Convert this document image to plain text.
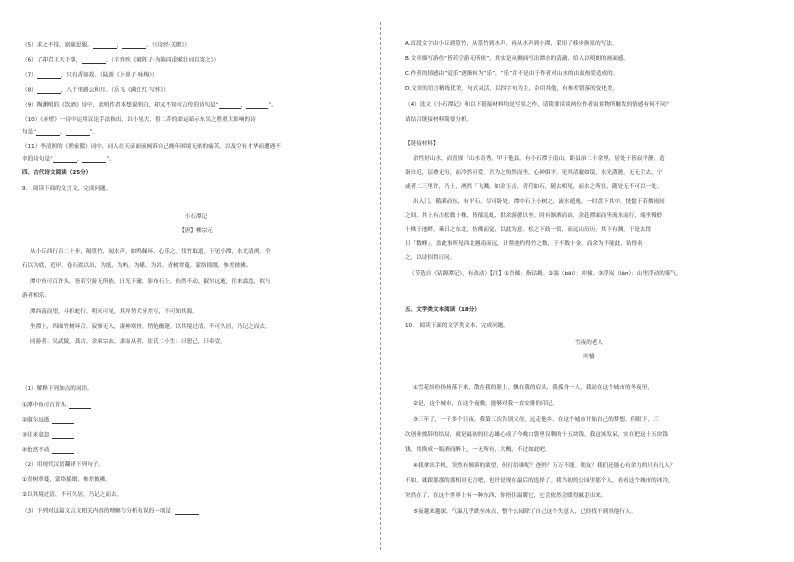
（5）求之不得，寤寐思服。	，	。（《诗经·关雎》）
（6）了却君王天下事，	。（辛弃疾《破阵子·为陈同甫赋壮词以寄之》）
（7）	，只有香如故。（陆游《卜算子·咏梅》）
（8）	，八千里路云和月。（岳飞《满江红·写怀》）
（9）陶渊明的《饮酒》诗中，表明作者本想说明白，却又不知可言传的诗句是“	，	”。
（10）《赤壁》一诗中运用议论手法指出，以小见大，借二乔的命运暗示东吴之胜重大影响的诗
句是“	，	”。
（11）李清照的《渔家傲》词中，词人在天帝面前倾诉自己晚年困境无依的痛苦，以及空有才华而遭遇不
幸的诗句是“	，	”。
四、古代诗文阅读（25分）
9.　阅读下面的文言文，完成问题。
小石潭记
【唐】柳宗元
从小丘西行百二十步，隔篁竹，闻水声，如鸣佩环，心乐之。伐竹取道，下见小潭，水尤清冽。全
石以为底，近岸，卷石底以出，为坻，为屿，为嵁，为岩。青树翠蔓，蒙络摇缀，参差披拂。
潭中鱼可百许头，皆若空游无所依，日光下澈，影布石上。佁然不动，俶尔远逝，往来翕忽，似与
游者相乐。
潭西南而望，斗折蛇行，明灭可见。其岸势犬牙差互，不可知其源。
坐潭上，四面竹树环合，寂寥无人，凄神寒骨，悄怆幽邃。以其境过清，不可久居，乃记之而去。
同游者：吴武陵，龚古，余弟宗玄。隶而从者，崔氏二小生：曰恕己，曰奉壹。
（1）解释下列加点的词语。
①潭中鱼可百许头
②俶尔远逝
③往来翕忽
④佁然不动
（2）用现代汉语翻译下列句子。
①青树翠蔓，蒙络摇缀，参差披拂。
②以其境过清，不可久居，乃记之而去。
（3）下列对这篇文言文相关内容的理解与分析有误的一项是
A.首段文字由小丘到篁竹，从篁竹到水声，再从水声到小潭，采用了移步换景的写法。
B.文章描写游鱼“皆若空游无所依”，其实是从侧面写出潭水的清澈，给人以明朗的画面感。
C.作者的情感由“觉乐”逐渐转为“乐”，“乐”并不是由于作者对山水的由衷热爱造成的。
D.文章的语言精练优美，句式灵活，以四字句为主，杂用其他，有参差错落的变化美。
（4）选文《小石潭记》和以下链接材料均是写景之作，请简要谈谈两位作者由景物所触发的情感有何不同？
请结合链接材料简要分析。
【链接材料】
余性好山水，而喜探「山水奇秀，甲于他县。有小石潭于南山，距县治二十余里，居处于皆寂平静，造
诣自近，层叠无穷，而冷然可爱。吾为之怡然而坐，心神俱平。见其清澈如镜，水光潋滟，无无尘去，宁
或者二三里许，乃上，冽然「飞溅，如金玉击，青荇如石，随去相见，而水之所在，随处无不可以一处。
出入门，循溪而东，有平石，尽可卧处，潭中石上小树之，流水遁逸，一时盘下其中，恍惚于若烟雨间
之间，其上有古松数十株，皆郁乱虬，供余游憩以坐。时有渐洒而由，余赴潭面而坐流水而行，端坐慢聆
十株于池畔，乘日之东北，仿佛而觉，以此为意。松之下歧一赏，而远山历历，其下有渊，于是去得
日「数峰」，盖此事所见西北翘南而远。计凿池约得竹之数，于不数十金，而余为不能此，钻得名
之，以诗招得日同。
（节选自《钴鉧潭记》，有改动）【注】①吾邮：指钴鉧。②湍（bāi）：冲撞。③浮岚（lán）：山里浮动的雾气。
五、文学类文本阅读（18分）
10.　阅读下面的文学类文本，完成问题。
雪夜的老人
叶樯
①雪花纷纷扬扬落下来，散在我的脸上，飘在我的肩头，我孤身一人，我站在这个城市的冬夜里，
②是，这个城市，在这个夜晚，能够对我一直安排的印记。
③三年了，一千多个日夜，我第三次告别父母，远走他乡，在这个城市开始自己的梦想。但眼下，三
次创业挨辞的结局，就是最初的壮志雄心成了今晚口袋里仅剩的十五块钱。我这该发呆，实在把这十五块钱
钱，用换成一瓶酒而醉上，一无所有，大概，不过如此吧。
④我拿出手机，突然有倾诉的欲望，但打给谁呢？爸妈？万万不能。朋友？我们还能心有余力的只有几人？
不如，就跟那那的那相对无言吧，也许是现在最后的选择了。我当初的公园里那个人，看看这个城市的冰冷，
突然在了，在这个世界上有一种东西，你捂住温暖它，它会依然会暖得腻歪出来。
⑤夜越来越深，气温几乎跌至冰点，整个公园除了自己这个失意人，已经找不到其他行人。
